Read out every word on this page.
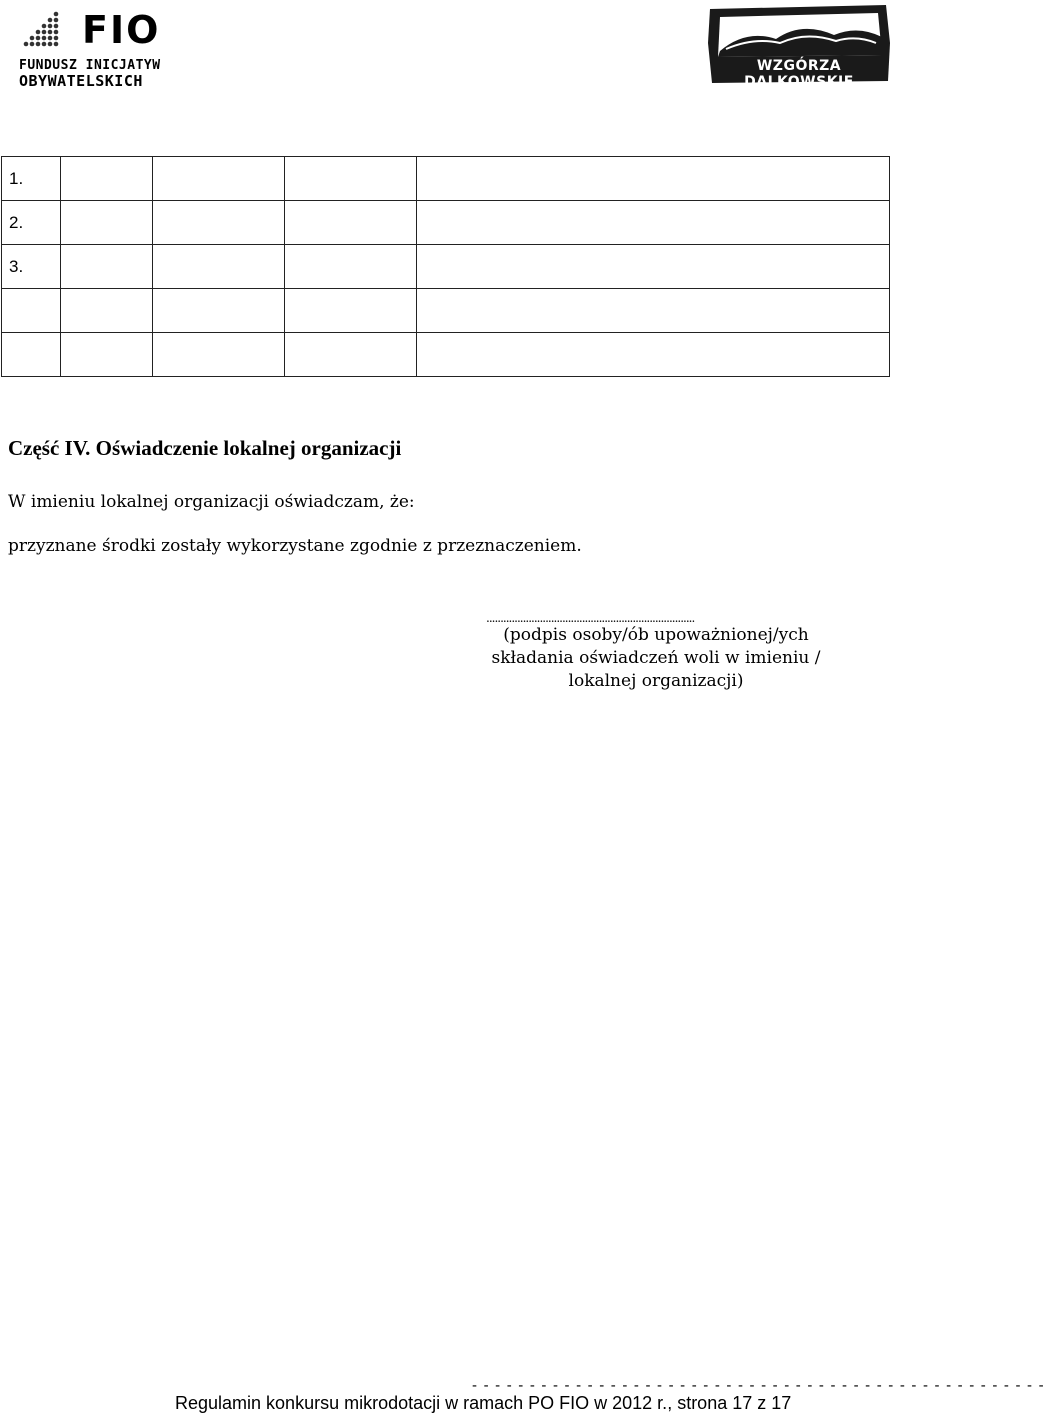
FIO
FUNDUSZ INICJATYW
OBYWATELSKICH
WZGÓRZA DALKOWSKIE
1.				
2.				
3.				

Część IV. Oświadczenie lokalnej organizacji
W imieniu lokalnej organizacji oświadczam, że:
przyznane środki zostały wykorzystane zgodnie z przeznaczeniem.
..........................................................................
(podpis osoby/ób upoważnionej/ych
składania oświadczeń woli w imieniu /
lokalnej organizacji)
- - - - - - - - - - - - - - - - - - - - - - - - - - - - - - - - - - - - - - - - - - - - - - - - - -
Regulamin konkursu mikrodotacji w ramach PO FIO w 2012 r., strona 17 z 17
